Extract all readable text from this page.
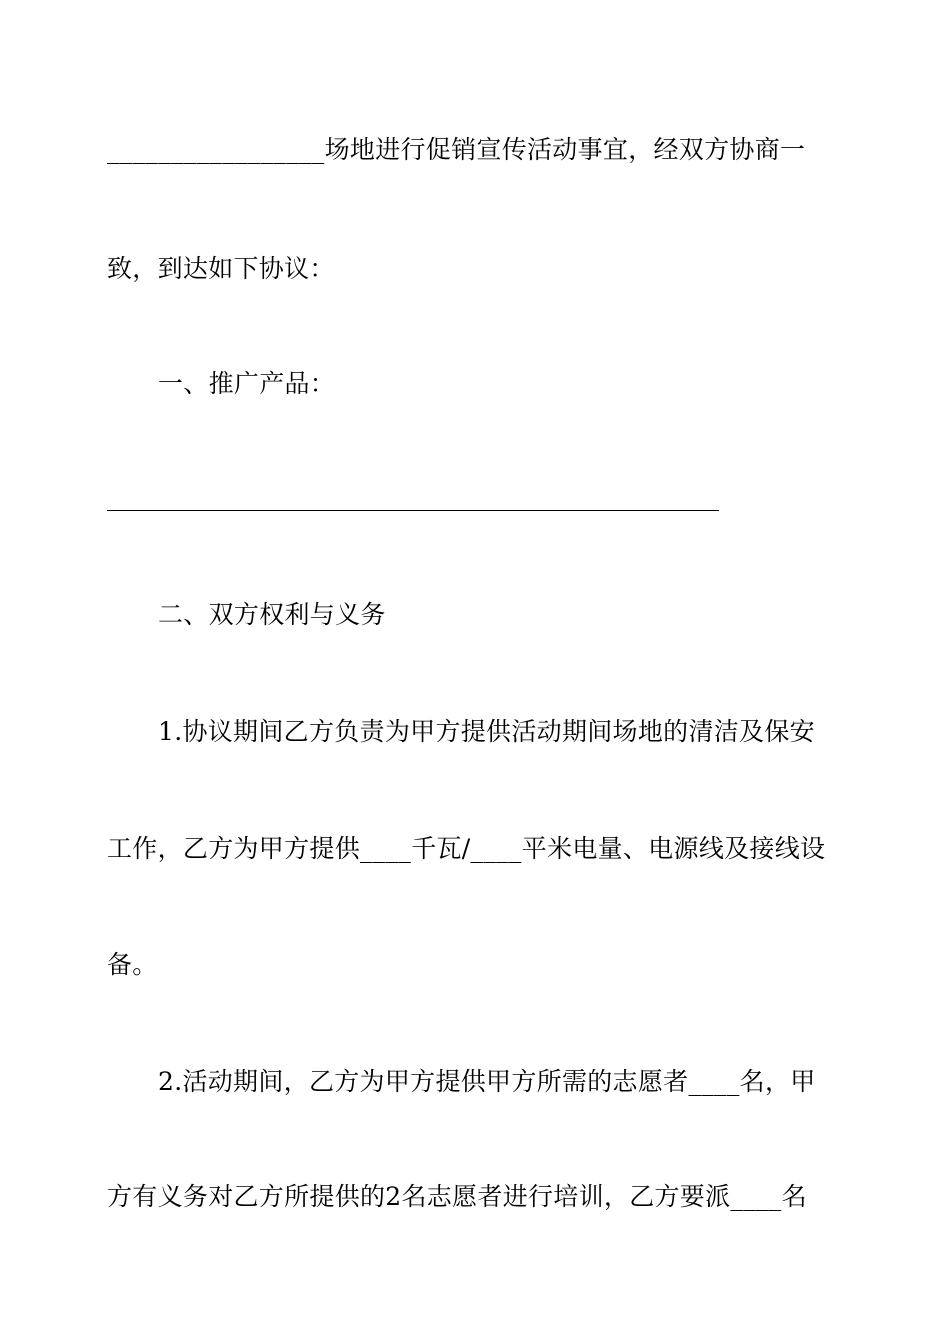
_________________场地进行促销宣传活动事宜，经双方协商一
致，到达如下协议：
一、推广产品：
二、双方权利与义务
1.协议期间乙方负责为甲方提供活动期间场地的清洁及保安
工作，乙方为甲方提供____千瓦/____平米电量、电源线及接线设
备。
2.活动期间，乙方为甲方提供甲方所需的志愿者____名，甲
方有义务对乙方所提供的2名志愿者进行培训，乙方要派____名
